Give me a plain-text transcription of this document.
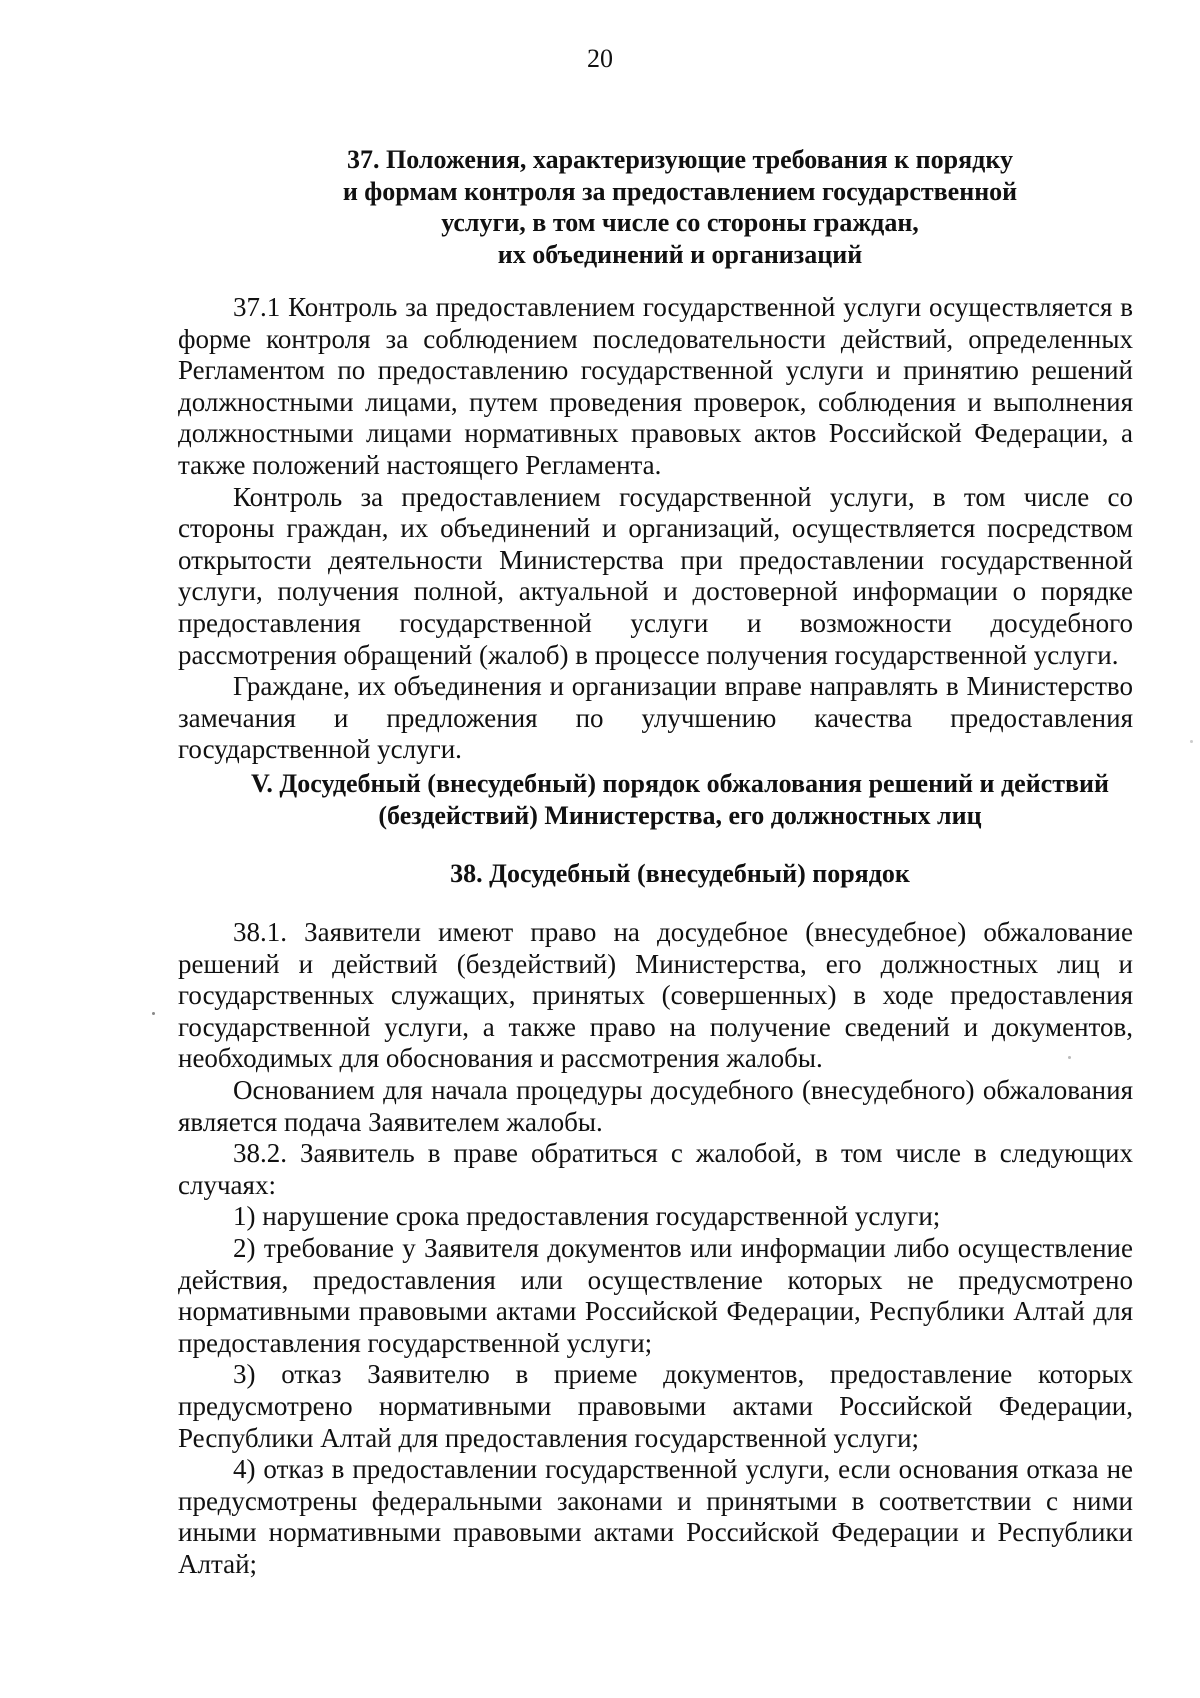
20
37. Положения, характеризующие требования к порядку
и формам контроля за предоставлением государственной
услуги, в том числе со стороны граждан,
их объединений и организаций

37.1 Контроль за предоставлением государственной услуги осуществляется в форме контроля за соблюдением последовательности действий, определенных Регламентом по предоставлению государственной услуги и принятию решений должностными лицами, путем проведения проверок, соблюдения и выполнения должностными лицами нормативных правовых актов Российской Федерации, а также положений настоящего Регламента.

Контроль за предоставлением государственной услуги, в том числе со стороны граждан, их объединений и организаций, осуществляется посредством открытости деятельности Министерства при предоставлении государственной услуги, получения полной, актуальной и достоверной информации о порядке предоставления государственной услуги и возможности досудебного рассмотрения обращений (жалоб) в процессе получения государственной услуги.

Граждане, их объединения и организации вправе направлять в Министерство замечания и предложения по улучшению качества предоставления государственной услуги.

V. Досудебный (внесудебный) порядок обжалования решений и действий
(бездействий) Министерства, его должностных лиц
38. Досудебный (внесудебный) порядок

38.1. Заявители имеют право на досудебное (внесудебное) обжалование решений и действий (бездействий) Министерства, его должностных лиц и государственных служащих, принятых (совершенных) в ходе предоставления государственной услуги, а также право на получение сведений и документов, необходимых для обоснования и рассмотрения жалобы.

Основанием для начала процедуры досудебного (внесудебного) обжалования является подача Заявителем жалобы.

38.2. Заявитель в праве обратиться с жалобой, в том числе в следующих случаях:

1) нарушение срока предоставления государственной услуги;

2) требование у Заявителя документов или информации либо осуществление действия, предоставления или осуществление которых не предусмотрено нормативными правовыми актами Российской Федерации, Республики Алтай для предоставления государственной услуги;

3) отказ Заявителю в приеме документов, предоставление которых предусмотрено нормативными правовыми актами Российской Федерации, Республики Алтай для предоставления государственной услуги;

4) отказ в предоставлении государственной услуги, если основания отказа не предусмотрены федеральными законами и принятыми в соответствии с ними иными нормативными правовыми актами Российской Федерации и Республики Алтай;
